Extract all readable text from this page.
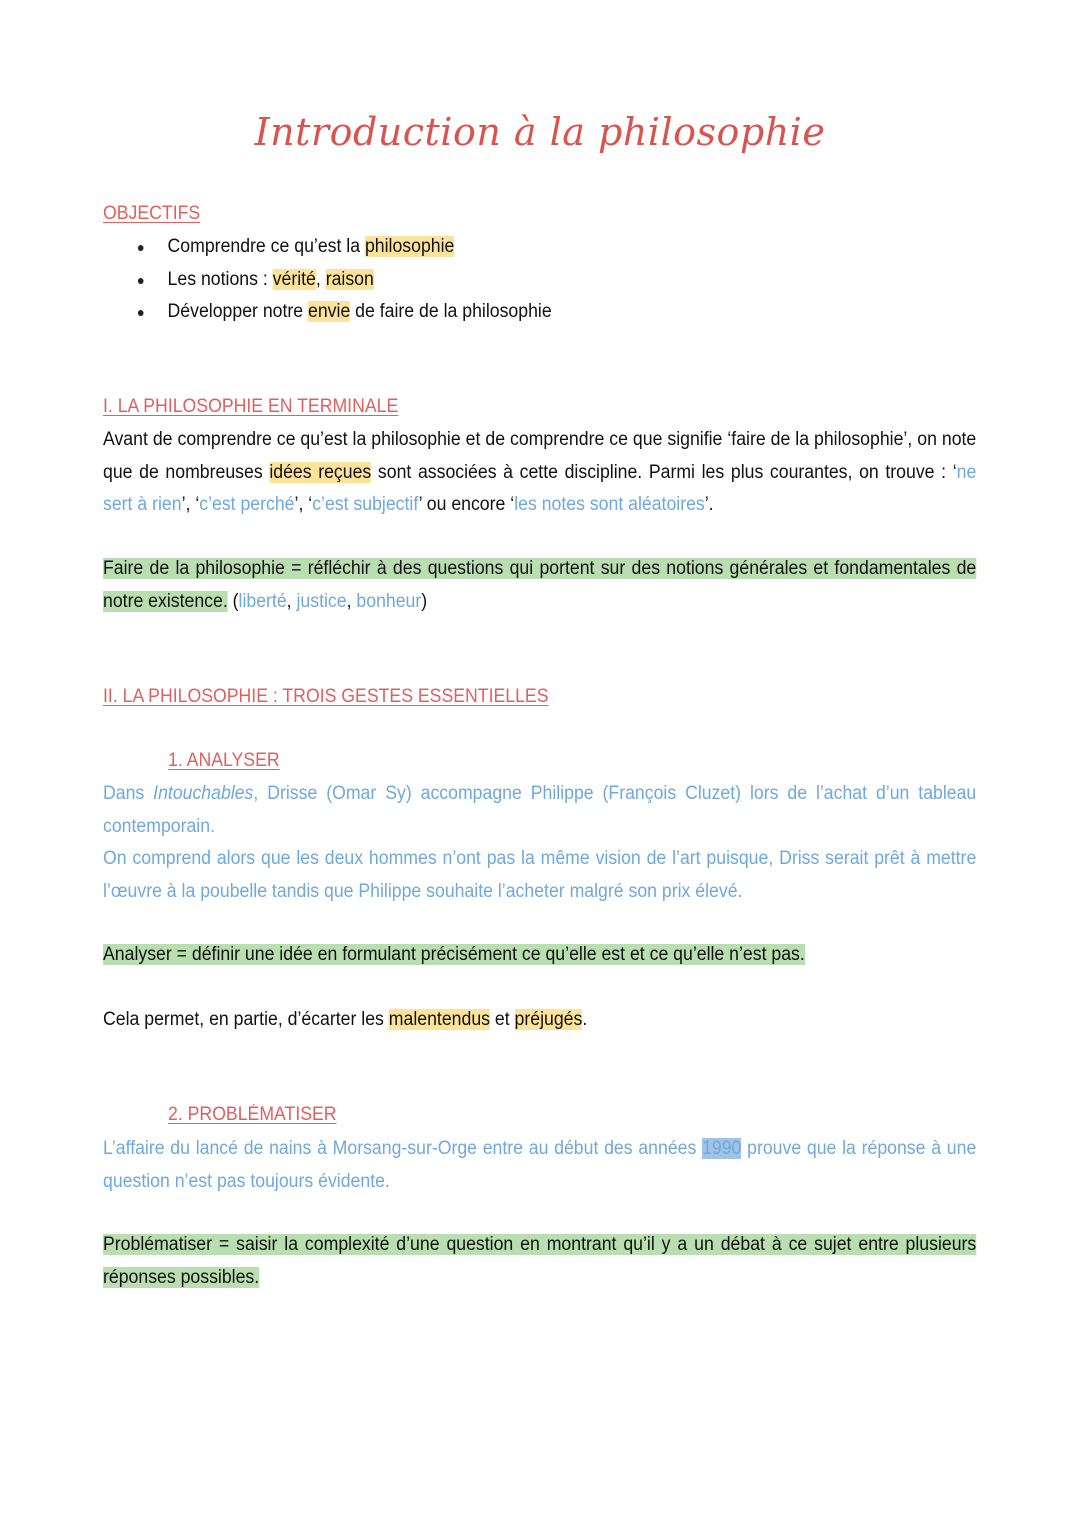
Introduction à la philosophie
OBJECTIFS
● Comprendre ce qu’est la philosophie
● Les notions : vérité, raison
● Développer notre envie de faire de la philosophie
I. LA PHILOSOPHIE EN TERMINALE
Avant de comprendre ce qu’est la philosophie et de comprendre ce que signifie ‘faire de la philosophie’, on note que de nombreuses idées reçues sont associées à cette discipline. Parmi les plus courantes, on trouve : ‘ne sert à rien’, ‘c’est perché’, ‘c’est subjectif’ ou encore ‘les notes sont aléatoires’.
Faire de la philosophie = réfléchir à des questions qui portent sur des notions générales et fondamentales de notre existence. (liberté, justice, bonheur)
II. LA PHILOSOPHIE : TROIS GESTES ESSENTIELLES
1. ANALYSER
Dans Intouchables, Drisse (Omar Sy) accompagne Philippe (François Cluzet) lors de l’achat d’un tableau contemporain.
On comprend alors que les deux hommes n’ont pas la même vision de l’art puisque, Driss serait prêt à mettre l’œuvre à la poubelle tandis que Philippe souhaite l’acheter malgré son prix élevé.
Analyser = définir une idée en formulant précisément ce qu’elle est et ce qu’elle n’est pas.
Cela permet, en partie, d’écarter les malentendus et préjugés.
2. PROBLÉMATISER
L’affaire du lancé de nains à Morsang-sur-Orge entre au début des années 1990 prouve que la réponse à une question n’est pas toujours évidente.
Problématiser = saisir la complexité d’une question en montrant qu’il y a un débat à ce sujet entre plusieurs réponses possibles.
